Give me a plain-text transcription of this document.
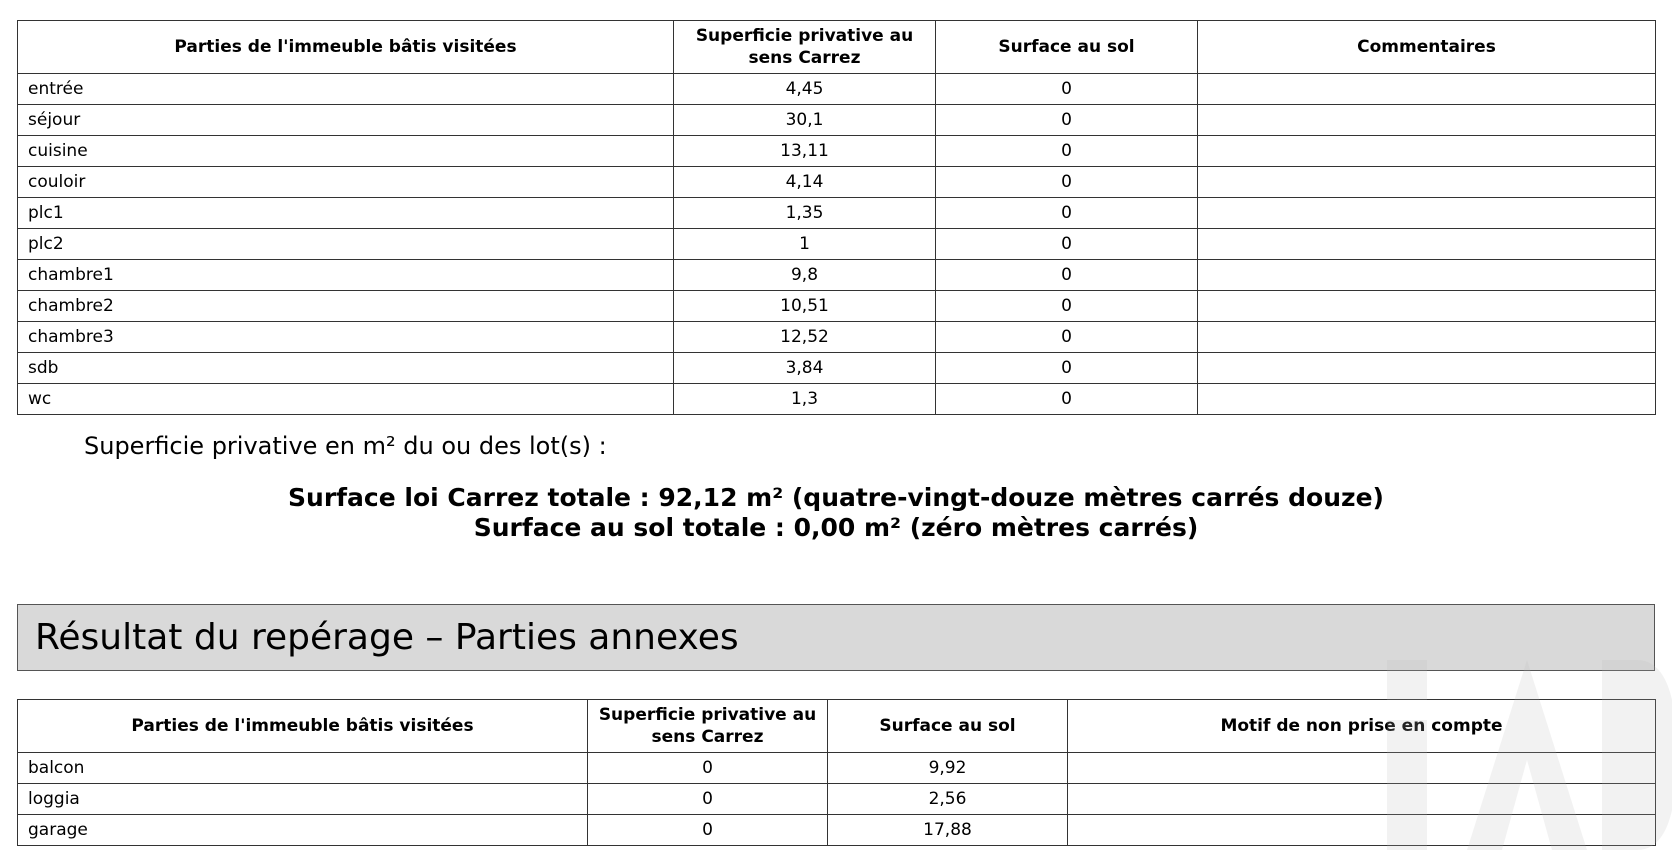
Parties de l'immeuble bâtis visitées	Superficie privative au sens Carrez	Surface au sol	Commentaires
entrée	4,45	0	
séjour	30,1	0	
cuisine	13,11	0	
couloir	4,14	0	
plc1	1,35	0	
plc2	1	0	
chambre1	9,8	0	
chambre2	10,51	0	
chambre3	12,52	0	
sdb	3,84	0	
wc	1,3	0	
Superficie privative en m² du ou des lot(s) :
Surface loi Carrez totale : 92,12 m² (quatre-vingt-douze mètres carrés douze)
Surface au sol totale : 0,00 m² (zéro mètres carrés)
Résultat du repérage – Parties annexes
Parties de l'immeuble bâtis visitées	Superficie privative au sens Carrez	Surface au sol	Motif de non prise en compte
balcon	0	9,92	
loggia	0	2,56	
garage	0	17,88	
